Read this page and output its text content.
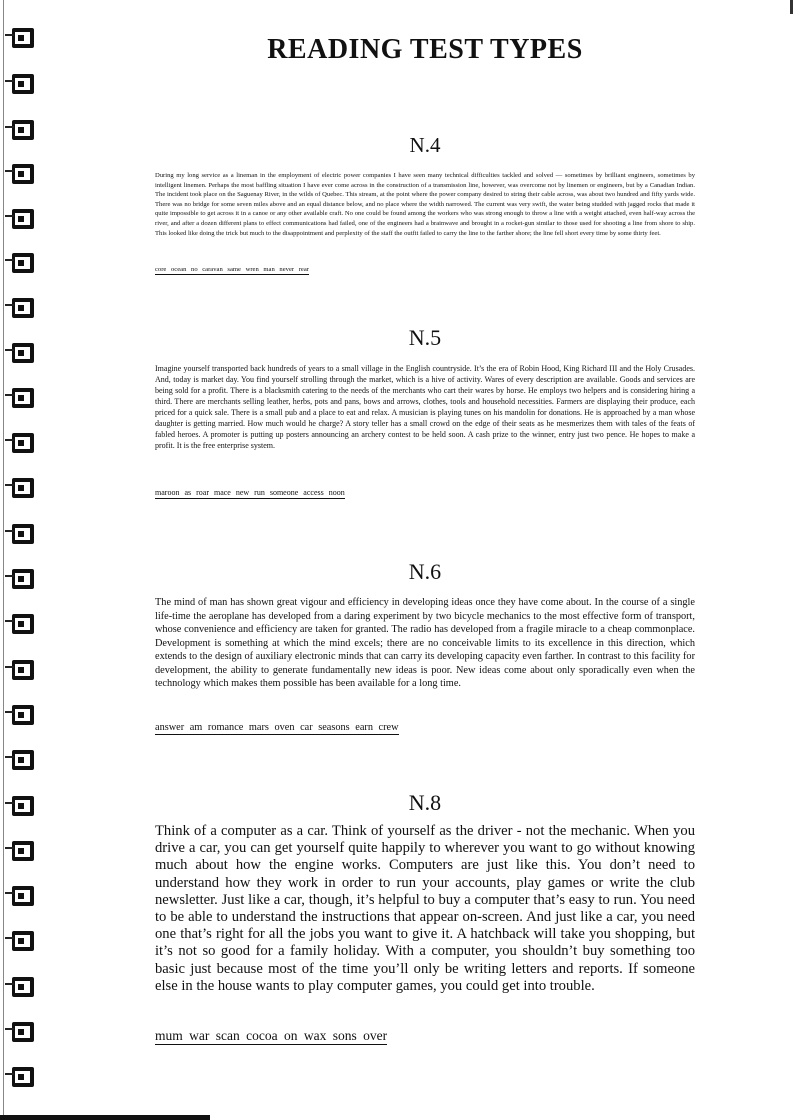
READING TEST TYPES
N.4

During my long service as a lineman in the employment of electric power companies I have seen many technical difficulties tackled and solved — sometimes by brilliant engineers, sometimes by intelligent linemen. Perhaps the most baffling situation I have ever come across in the construction of a transmission line, however, was overcome not by linemen or engineers, but by a Canadian Indian. The incident took place on the Saguenay River, in the wilds of Quebec. This stream, at the point where the power company desired to string their cable across, was about two hundred and fifty yards wide. There was no bridge for some seven miles above and an equal distance below, and no place where the width narrowed. The current was very swift, the water being studded with jagged rocks that made it quite impossible to get across it in a canoe or any other available craft. No one could be found among the workers who was strong enough to throw a line with a weight attached, even half-way across the river, and after a dozen different plans to effect communications had failed, one of the engineers had a brainwave and brought in a rocket-gun similar to those used for shooting a line from shore to ship. This looked like doing the trick but much to the disappointment and perplexity of the staff the outfit failed to carry the line to the farther shore; the line fell short every time by some thirty feet.

core ocean no caravan same wren man never rear
N.5

Imagine yourself transported back hundreds of years to a small village in the English countryside. It’s the era of Robin Hood, King Richard III and the Holy Crusades. And, today is market day. You find yourself strolling through the market, which is a hive of activity. Wares of every description are available. Goods and services are being sold for a profit. There is a blacksmith catering to the needs of the merchants who cart their wares by horse. He employs two helpers and is considering hiring a third. There are merchants selling leather, herbs, pots and pans, bows and arrows, clothes, tools and household necessities. Farmers are displaying their produce, each priced for a quick sale. There is a small pub and a place to eat and relax. A musician is playing tunes on his mandolin for donations. He is approached by a man whose daughter is getting married. How much would he charge? A story teller has a small crowd on the edge of their seats as he mesmerizes them with tales of the feats of fabled heroes. A promoter is putting up posters announcing an archery contest to be held soon. A cash prize to the winner, entry just two pence. He hopes to make a profit. It is the free enterprise system.

maroon as roar mace new run someone access noon
N.6

The mind of man has shown great vigour and efficiency in developing ideas once they have come about. In the course of a single life-time the aeroplane has developed from a daring experiment by two bicycle mechanics to the most effective form of transport, whose convenience and efficiency are taken for granted. The radio has developed from a fragile miracle to a cheap commonplace. Development is something at which the mind excels; there are no conceivable limits to its excellence in this direction, which extends to the design of auxiliary electronic minds that can carry its developing capacity even farther. In contrast to this facility for development, the ability to generate fundamentally new ideas is poor. New ideas come about only sporadically even when the technology which makes them possible has been available for a long time.

answer am romance mars oven car seasons earn crew
N.8

Think of a computer as a car. Think of yourself as the driver - not the mechanic. When you drive a car, you can get yourself quite happily to wherever you want to go without knowing much about how the engine works. Computers are just like this. You don’t need to understand how they work in order to run your accounts, play games or write the club newsletter. Just like a car, though, it’s helpful to buy a computer that’s easy to run. You need to be able to understand the instructions that appear on-screen. And just like a car, you need one that’s right for all the jobs you want to give it. A hatchback will take you shopping, but it’s not so good for a family holiday. With a computer, you shouldn’t buy something too basic just because most of the time you’ll only be writing letters and reports. If someone else in the house wants to play computer games, you could get into trouble.

mum war scan cocoa on wax sons over
